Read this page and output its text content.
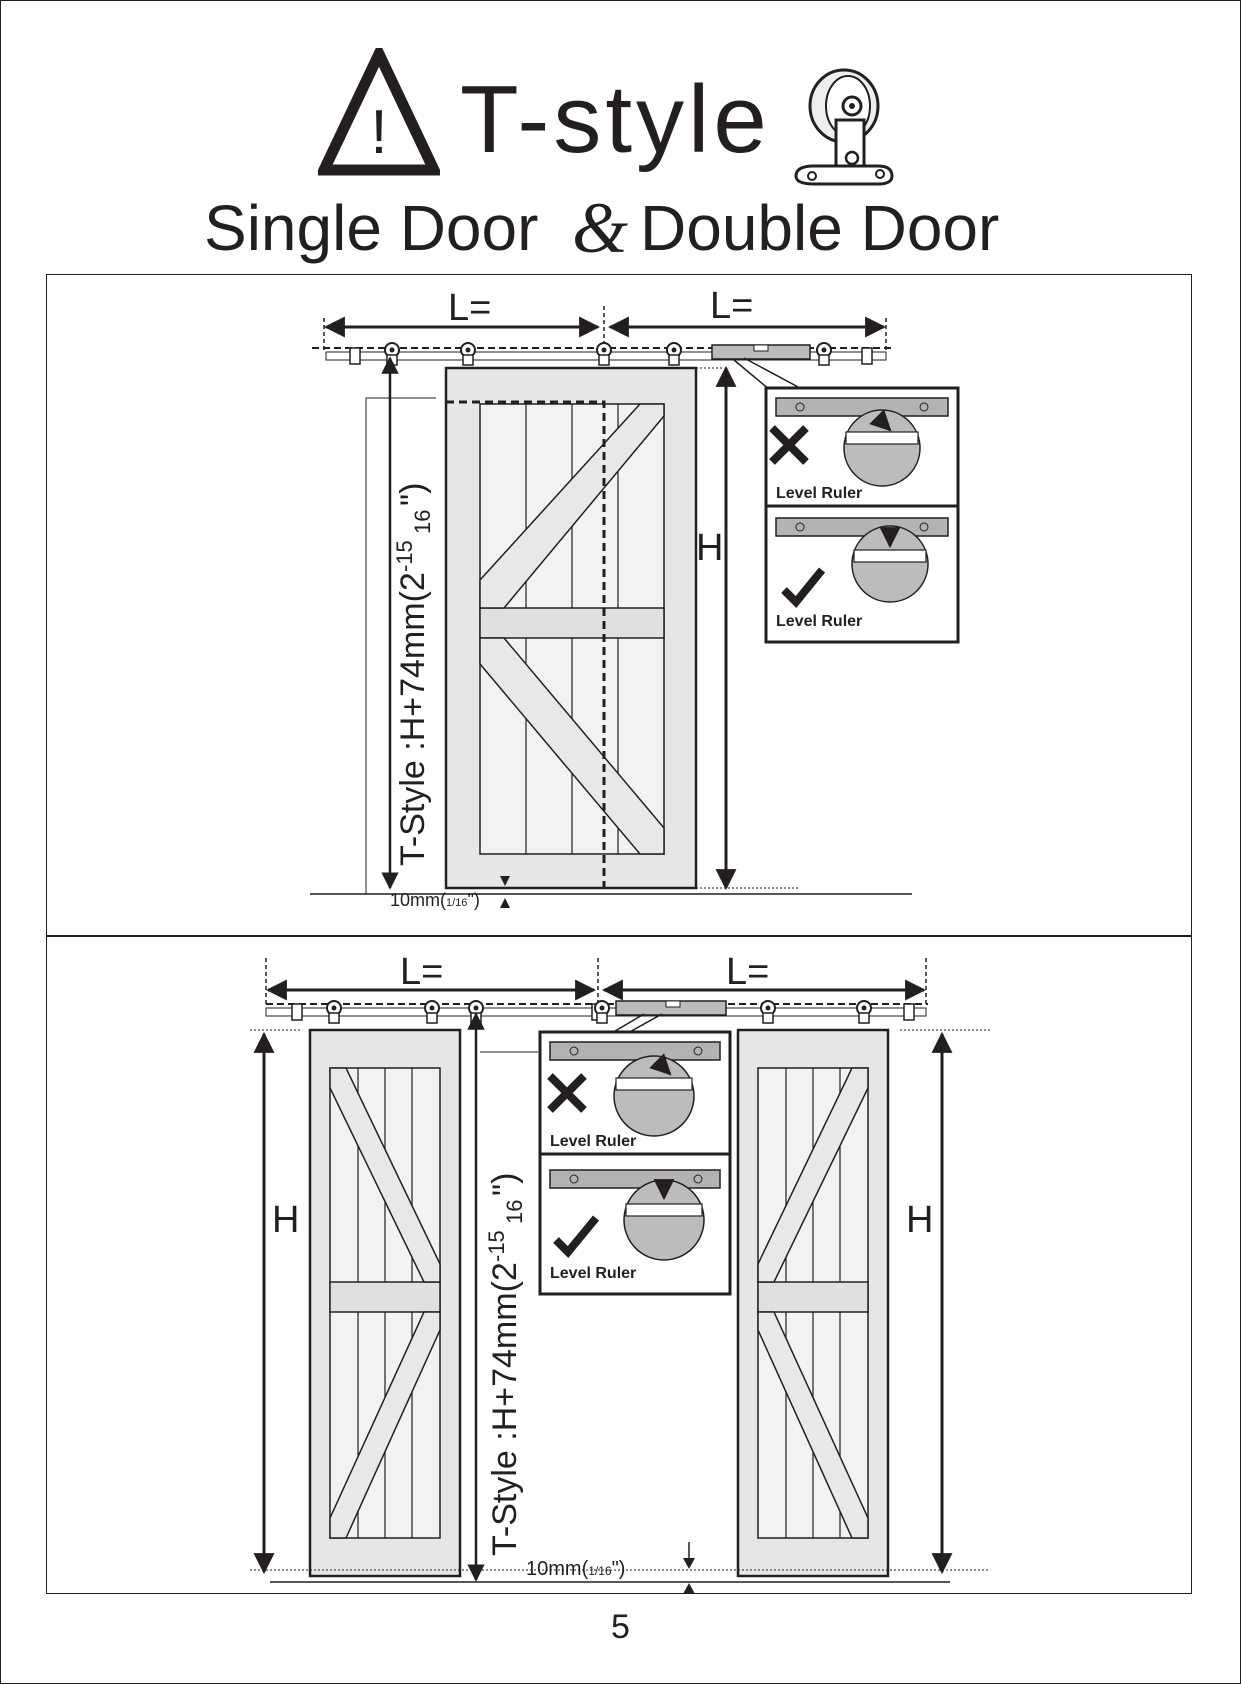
! T-style
Single Door & Double Door
L=	L=
T-Style :H+74mm(2
-15
16
")
H
10mm(1/16")
Level Ruler
Level Ruler
L=	L=
H	H
T-Style :H+74mm(2
-15
16
")
10mm(1/16")
Level Ruler
Level Ruler
5
